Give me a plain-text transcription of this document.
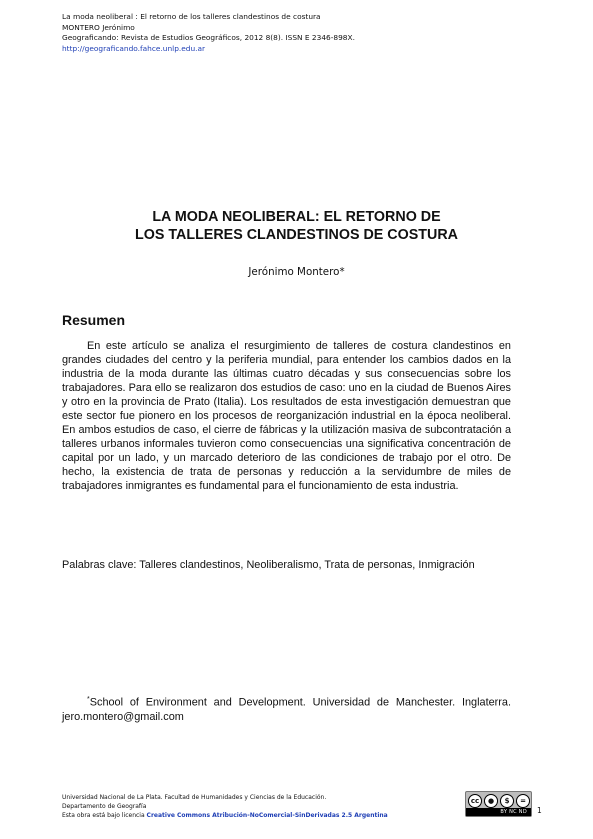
La moda neoliberal : El retorno de los talleres clandestinos de costura
MONTERO Jerónimo
Geograficando: Revista de Estudios Geográficos, 2012 8(8). ISSN E 2346-898X.
http://geograficando.fahce.unlp.edu.ar
LA MODA NEOLIBERAL: EL RETORNO DE
LOS TALLERES CLANDESTINOS DE COSTURA
Jerónimo Montero*
Resumen
En este artículo se analiza el resurgimiento de talleres de costura clandestinos en grandes ciudades del centro y la periferia mundial, para entender los cambios dados en la industria de la moda durante las últimas cuatro décadas y sus consecuencias sobre los trabajadores. Para ello se realizaron dos estudios de caso: uno en la ciudad de Buenos Aires y otro en la provincia de Prato (Italia). Los resultados de esta investigación demuestran que este sector fue pionero en los procesos de reorganización industrial en la época neoliberal. En ambos estudios de caso, el cierre de fábricas y la utilización masiva de subcontratación a talleres urbanos informales tuvieron como consecuencias una significativa concentración de capital por un lado, y un marcado deterioro de las condiciones de trabajo por el otro. De hecho, la existencia de trata de personas y reducción a la servidumbre de miles de trabajadores inmigrantes es fundamental para el funcionamiento de esta industria.
Palabras clave: Talleres clandestinos, Neoliberalismo, Trata de personas, Inmigración
*School of Environment and Development. Universidad de Manchester. Inglaterra. jero.montero@gmail.com
Universidad Nacional de La Plata. Facultad de Humanidades y Ciencias de la Educación.
Departamento de Geografía
Esta obra está bajo licencia Creative Commons Atribución-NoComercial-SinDerivadas 2.5 Argentina
cc	●	$	=
BY NC ND	1
